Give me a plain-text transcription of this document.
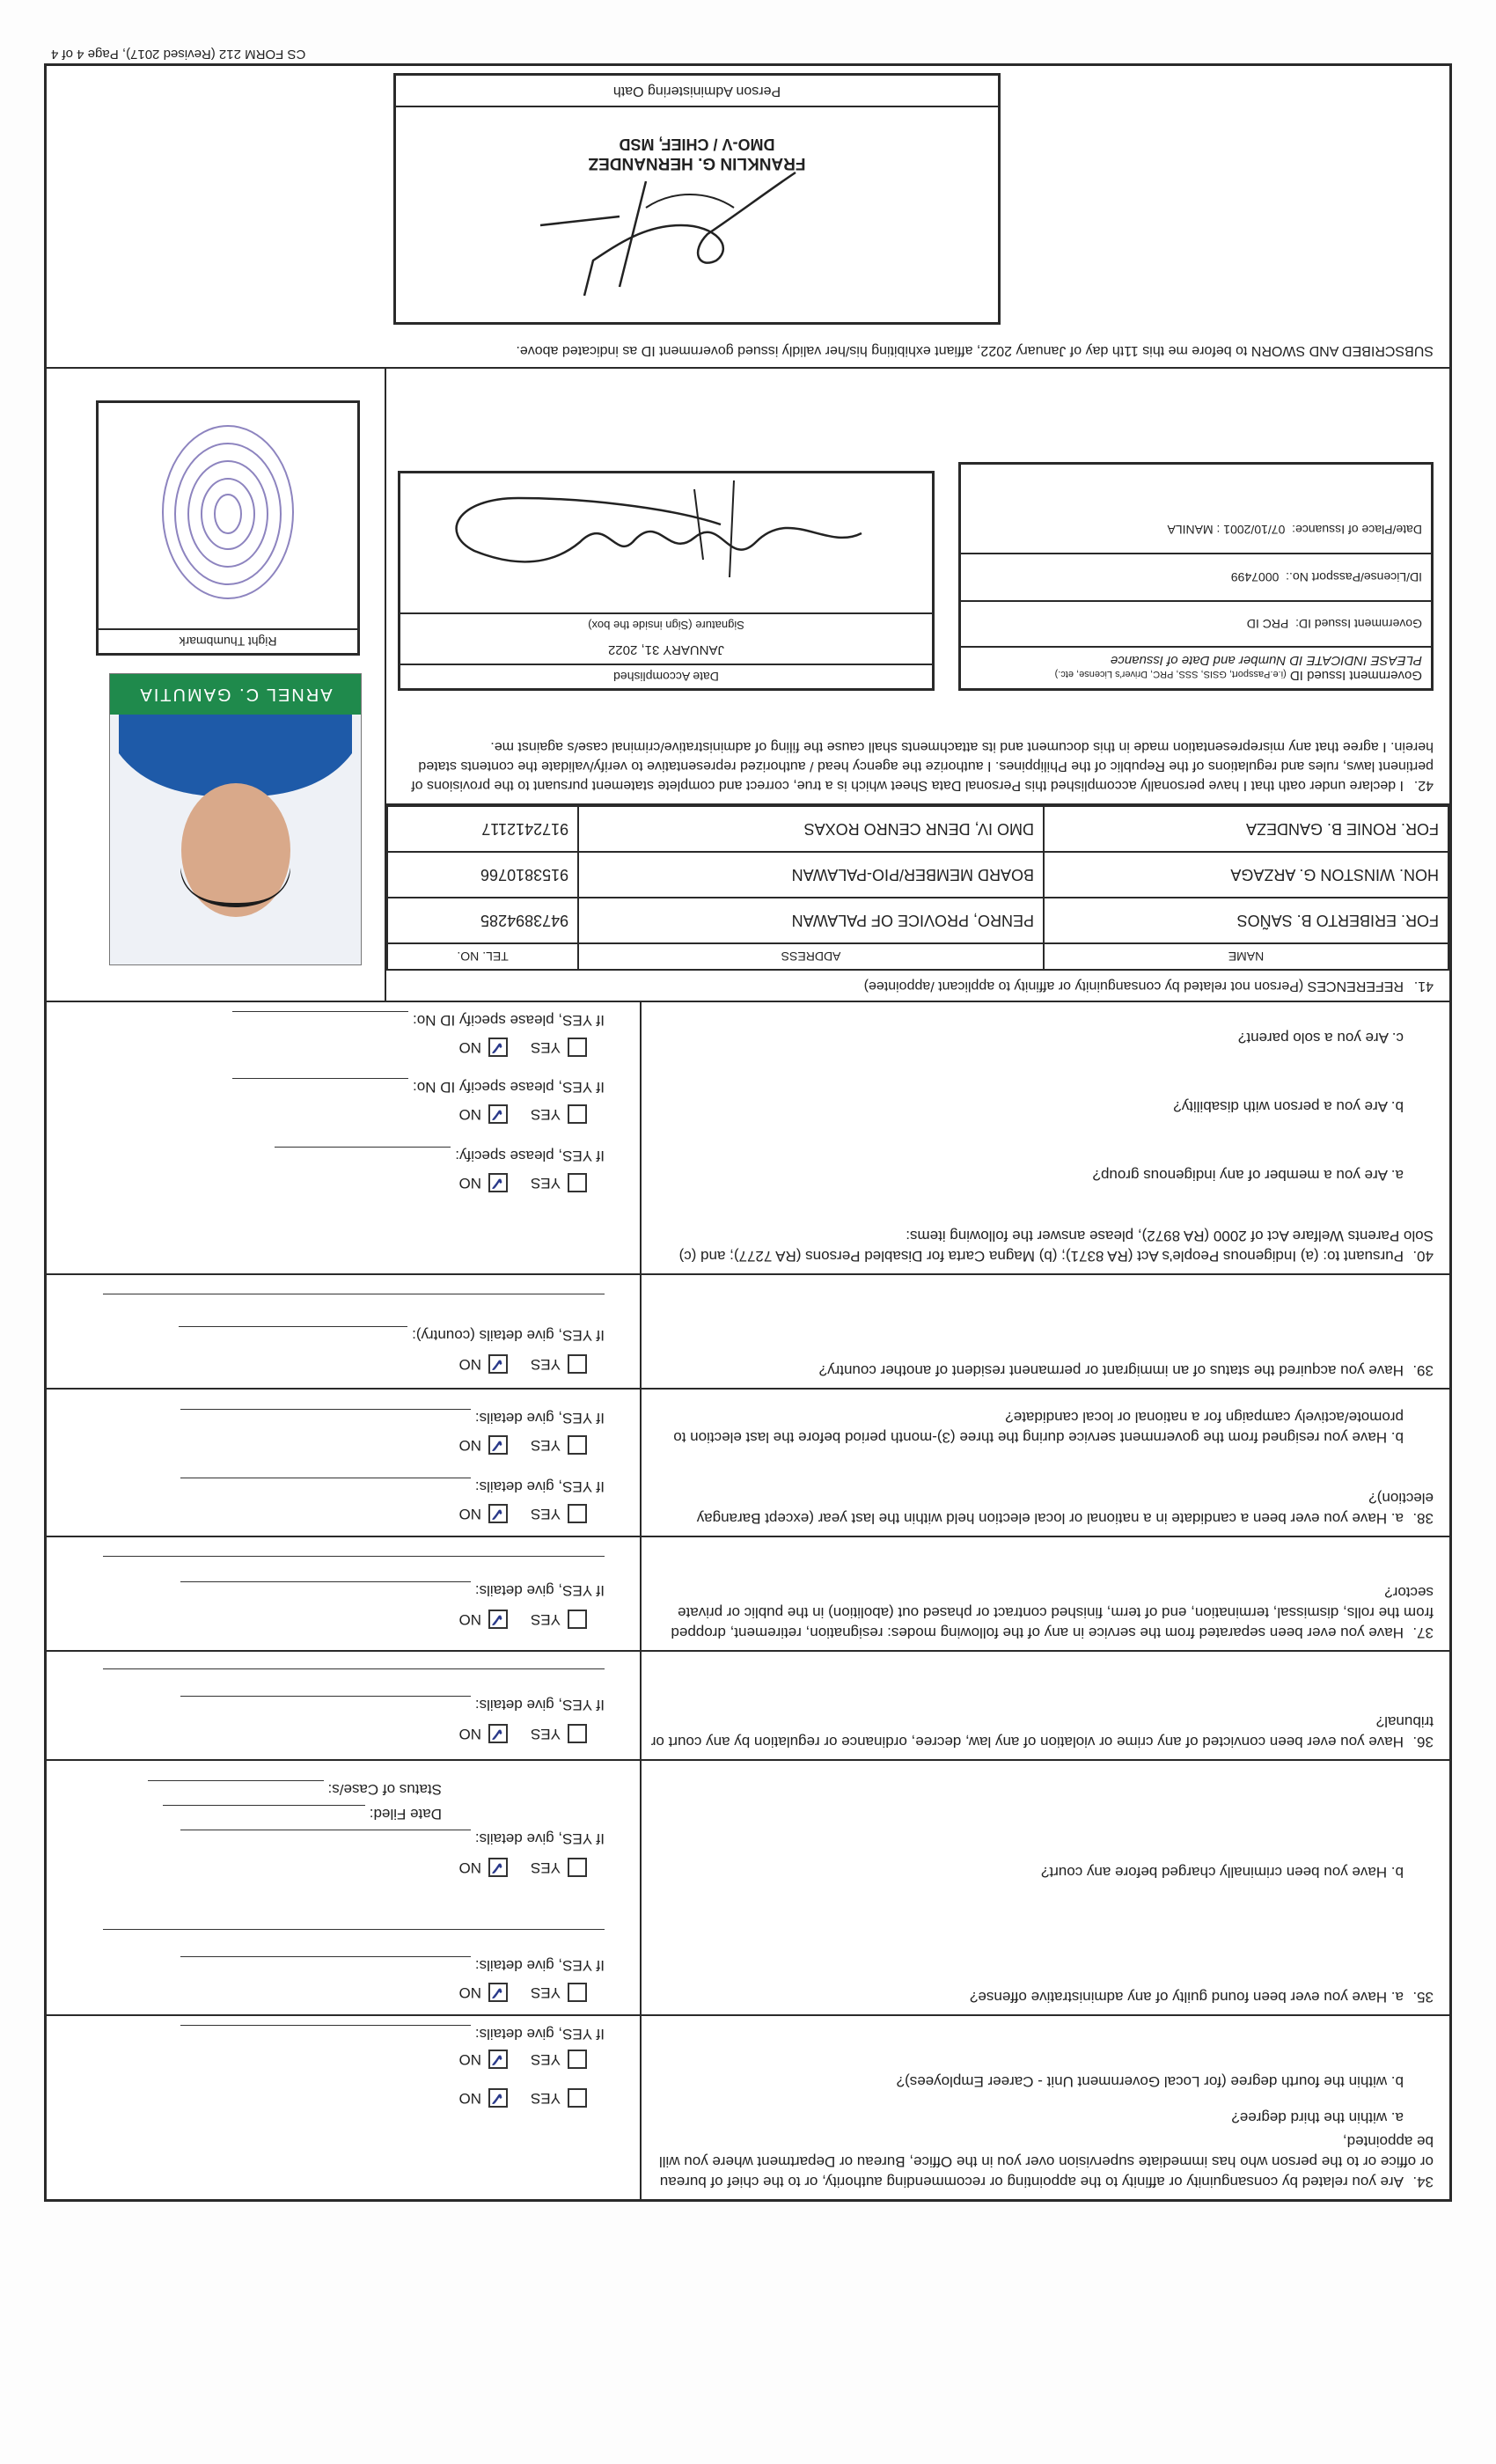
34.Are you related by consanguinity or affinity to the appointing or recommending authority, or to the chief of bureau or office or to the person who has immediate supervision over you in the Office, Bureau or Department where you will be appointed,
a. within the third degree?
b. within the fourth degree (for Local Government Unit - Career Employees)?
YES
✓
NO
YES
✓
NO
If YES, give details:
35.a. Have you ever been found guilty of any administrative offense?
b. Have you been criminally charged before any court?
YES
✓
NO
If YES, give details:
YES
✓
NO
If YES, give details:
Date Filed:
Status of Case/s:
36.Have you ever been convicted of any crime or violation of any law, decree, ordinance or regulation by any court or tribunal?
YES
✓
NO
If YES, give details:
37.Have you ever been separated from the service in any of the following modes: resignation, retirement, dropped from the rolls, dismissal, termination, end of term, finished contract or phased out (abolition) in the public or private sector?
YES
✓
NO
If YES, give details:
38.a. Have you ever been a candidate in a national or local election held within the last year (except Barangay election)?
b. Have you resigned from the government service during the three (3)-month period before the last election to promote/actively campaign for a national or local candidate?
YES
✓
NO
If YES, give details:
YES
✓
NO
If YES, give details:
39.Have you acquired the status of an immigrant or permanent resident of another country?
YES
✓
NO
If YES, give details (country):
40.Pursuant to: (a) Indigenous People's Act (RA 8371); (b) Magna Carta for Disabled Persons (RA 7277); and (c) Solo Parents Welfare Act of 2000 (RA 8972), please answer the following items:
a. Are you a member of any indigenous group?
b. Are you a person with disability?
c. Are you a solo parent?
YES
✓
NO
If YES, please specify:
YES
✓
NO
If YES, please specify ID No:
YES
✓
NO
If YES, please specify ID No:
41.REFERENCES (Person not related by consanguinity or affinity to applicant /appointee)
NAME	ADDRESS	TEL. NO.
FOR. ERIBERTO B. SAÑOS	PENRO, PROVICE OF PALAWAN	9473894285
HON. WINSTON G. ARZAGA	BOARD MEMBER/PIO-PALAWAN	9153810766
FOR. RONIE B. GANDEZA	DMO IV, DENR CENRO ROXAS	9172412117
42.I declare under oath that I have personally accomplished this Personal Data Sheet which is a true, correct and complete statement pursuant to the provisions of pertinent laws, rules and regulations of the Republic of the Philippines. I authorize the agency head / authorized representative to verify/validate the contents stated herein. I agree that any misrepresentation made in this document and its attachments shall cause the filing of administrative/criminal case/s against me.
Government Issued ID (i.e.Passport, GSIS, SSS, PRC, Driver's License, etc.)
PLEASE INDICATE ID Number and Date of Issuance
Government Issued ID:

PRC ID
ID/License/Passport No.:

0007499
Date/Place of Issuance:

07/10/2001 : MANILA
Date Accomplished
JANUARY 31, 2022
Signature (Sign inside the box)
ARNEL C. GAMUTIA
Right Thumbmark
SUBSCRIBED AND SWORN to before me this 11th day of January 2022, affiant exhibiting his/her validly issued government ID as indicated above.
FRANKLIN G. HERNANDEZ
DMO-V / CHIEF, MSD
Person Administering Oath
CS FORM 212 (Revised 2017), Page 4 of 4
